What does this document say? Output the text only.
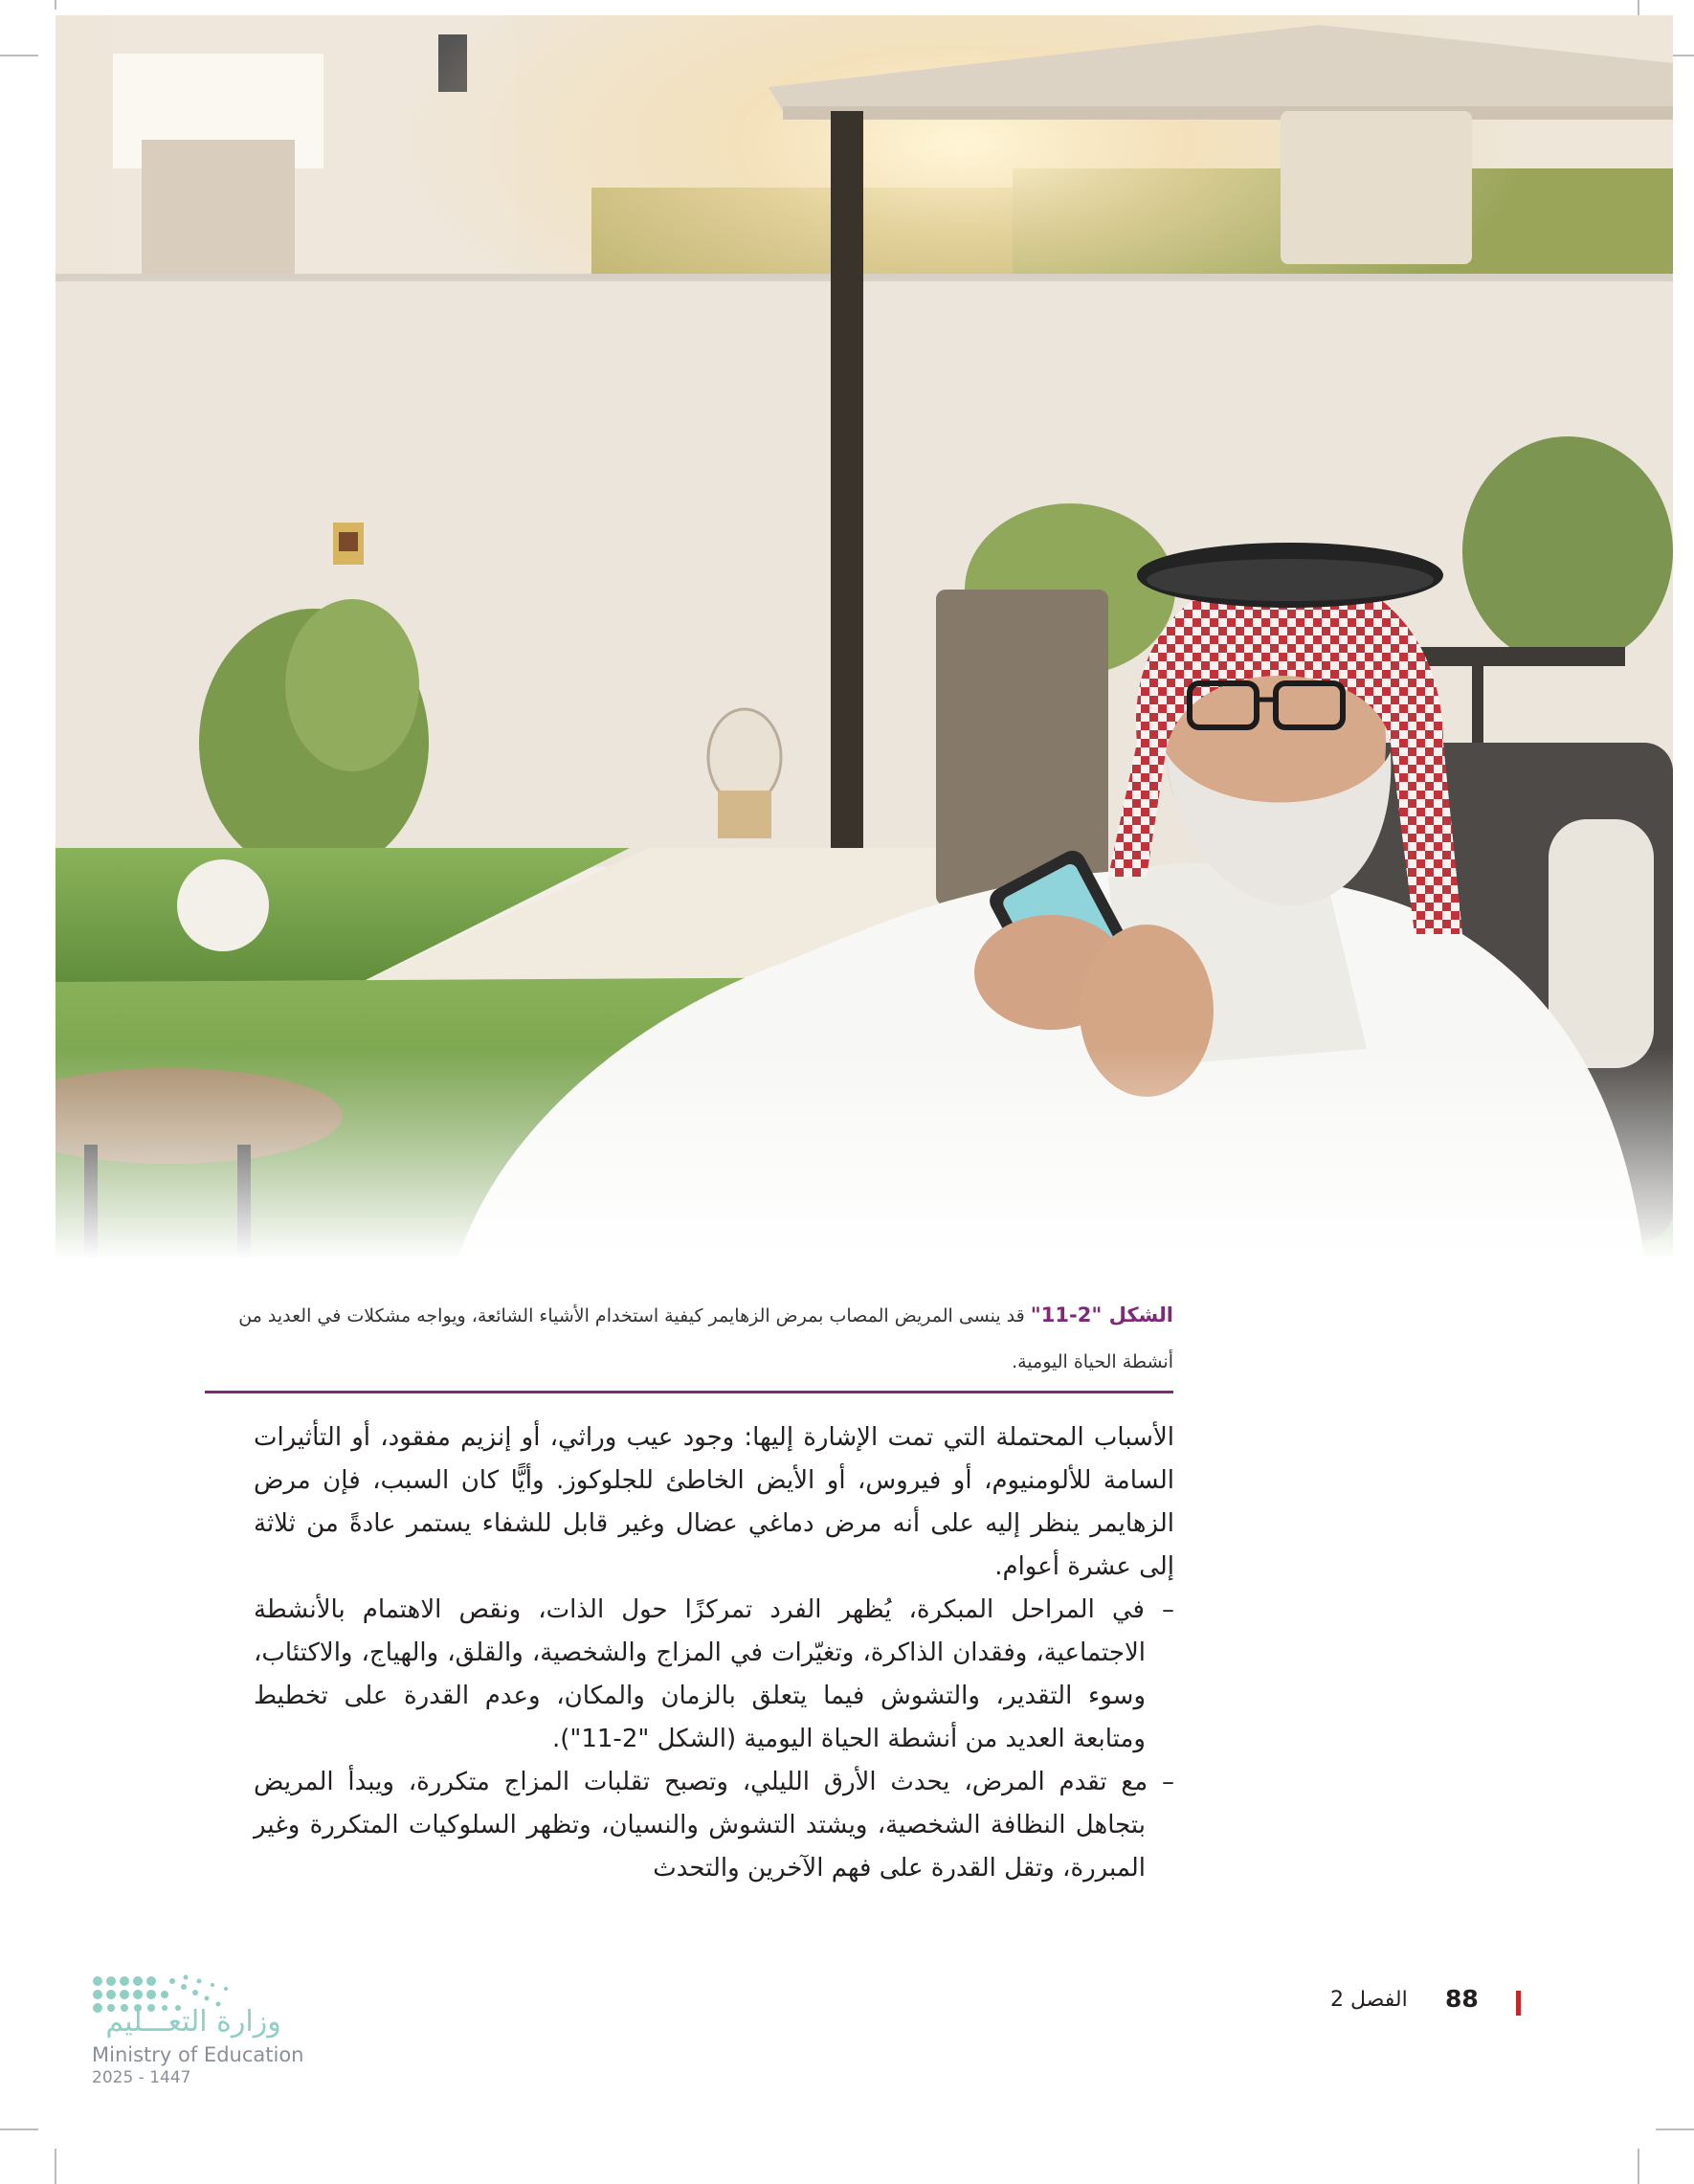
الشكل "2-11" قد ينسى المريض المصاب بمرض الزهايمر كيفية استخدام الأشياء الشائعة، ويواجه مشكلات في العديد من أنشطة الحياة اليومية.

الأسباب المحتملة التي تمت الإشارة إليها: وجود عيب وراثي، أو إنزيم مفقود، أو التأثيرات السامة للألومنيوم، أو فيروس، أو الأيض الخاطئ للجلوكوز. وأيًّا كان السبب، فإن مرض الزهايمر ينظر إليه على أنه مرض دماغي عضال وغير قابل للشفاء يستمر عادةً من ثلاثة إلى عشرة أعوام.

– في المراحل المبكرة، يُظهر الفرد تمركزًا حول الذات، ونقص الاهتمام بالأنشطة الاجتماعية، وفقدان الذاكرة، وتغيّرات في المزاج والشخصية، والقلق، والهياج، والاكتئاب، وسوء التقدير، والتشوش فيما يتعلق بالزمان والمكان، وعدم القدرة على تخطيط ومتابعة العديد من أنشطة الحياة اليومية (الشكل "2-11").

– مع تقدم المرض، يحدث الأرق الليلي، وتصبح تقلبات المزاج متكررة، ويبدأ المريض بتجاهل النظافة الشخصية، ويشتد التشوش والنسيان، وتظهر السلوكيات المتكررة وغير المبررة، وتقل القدرة على فهم الآخرين والتحدث

88
الفصل 2
وزارة التعـــليم
Ministry of Education
2025 - 1447
